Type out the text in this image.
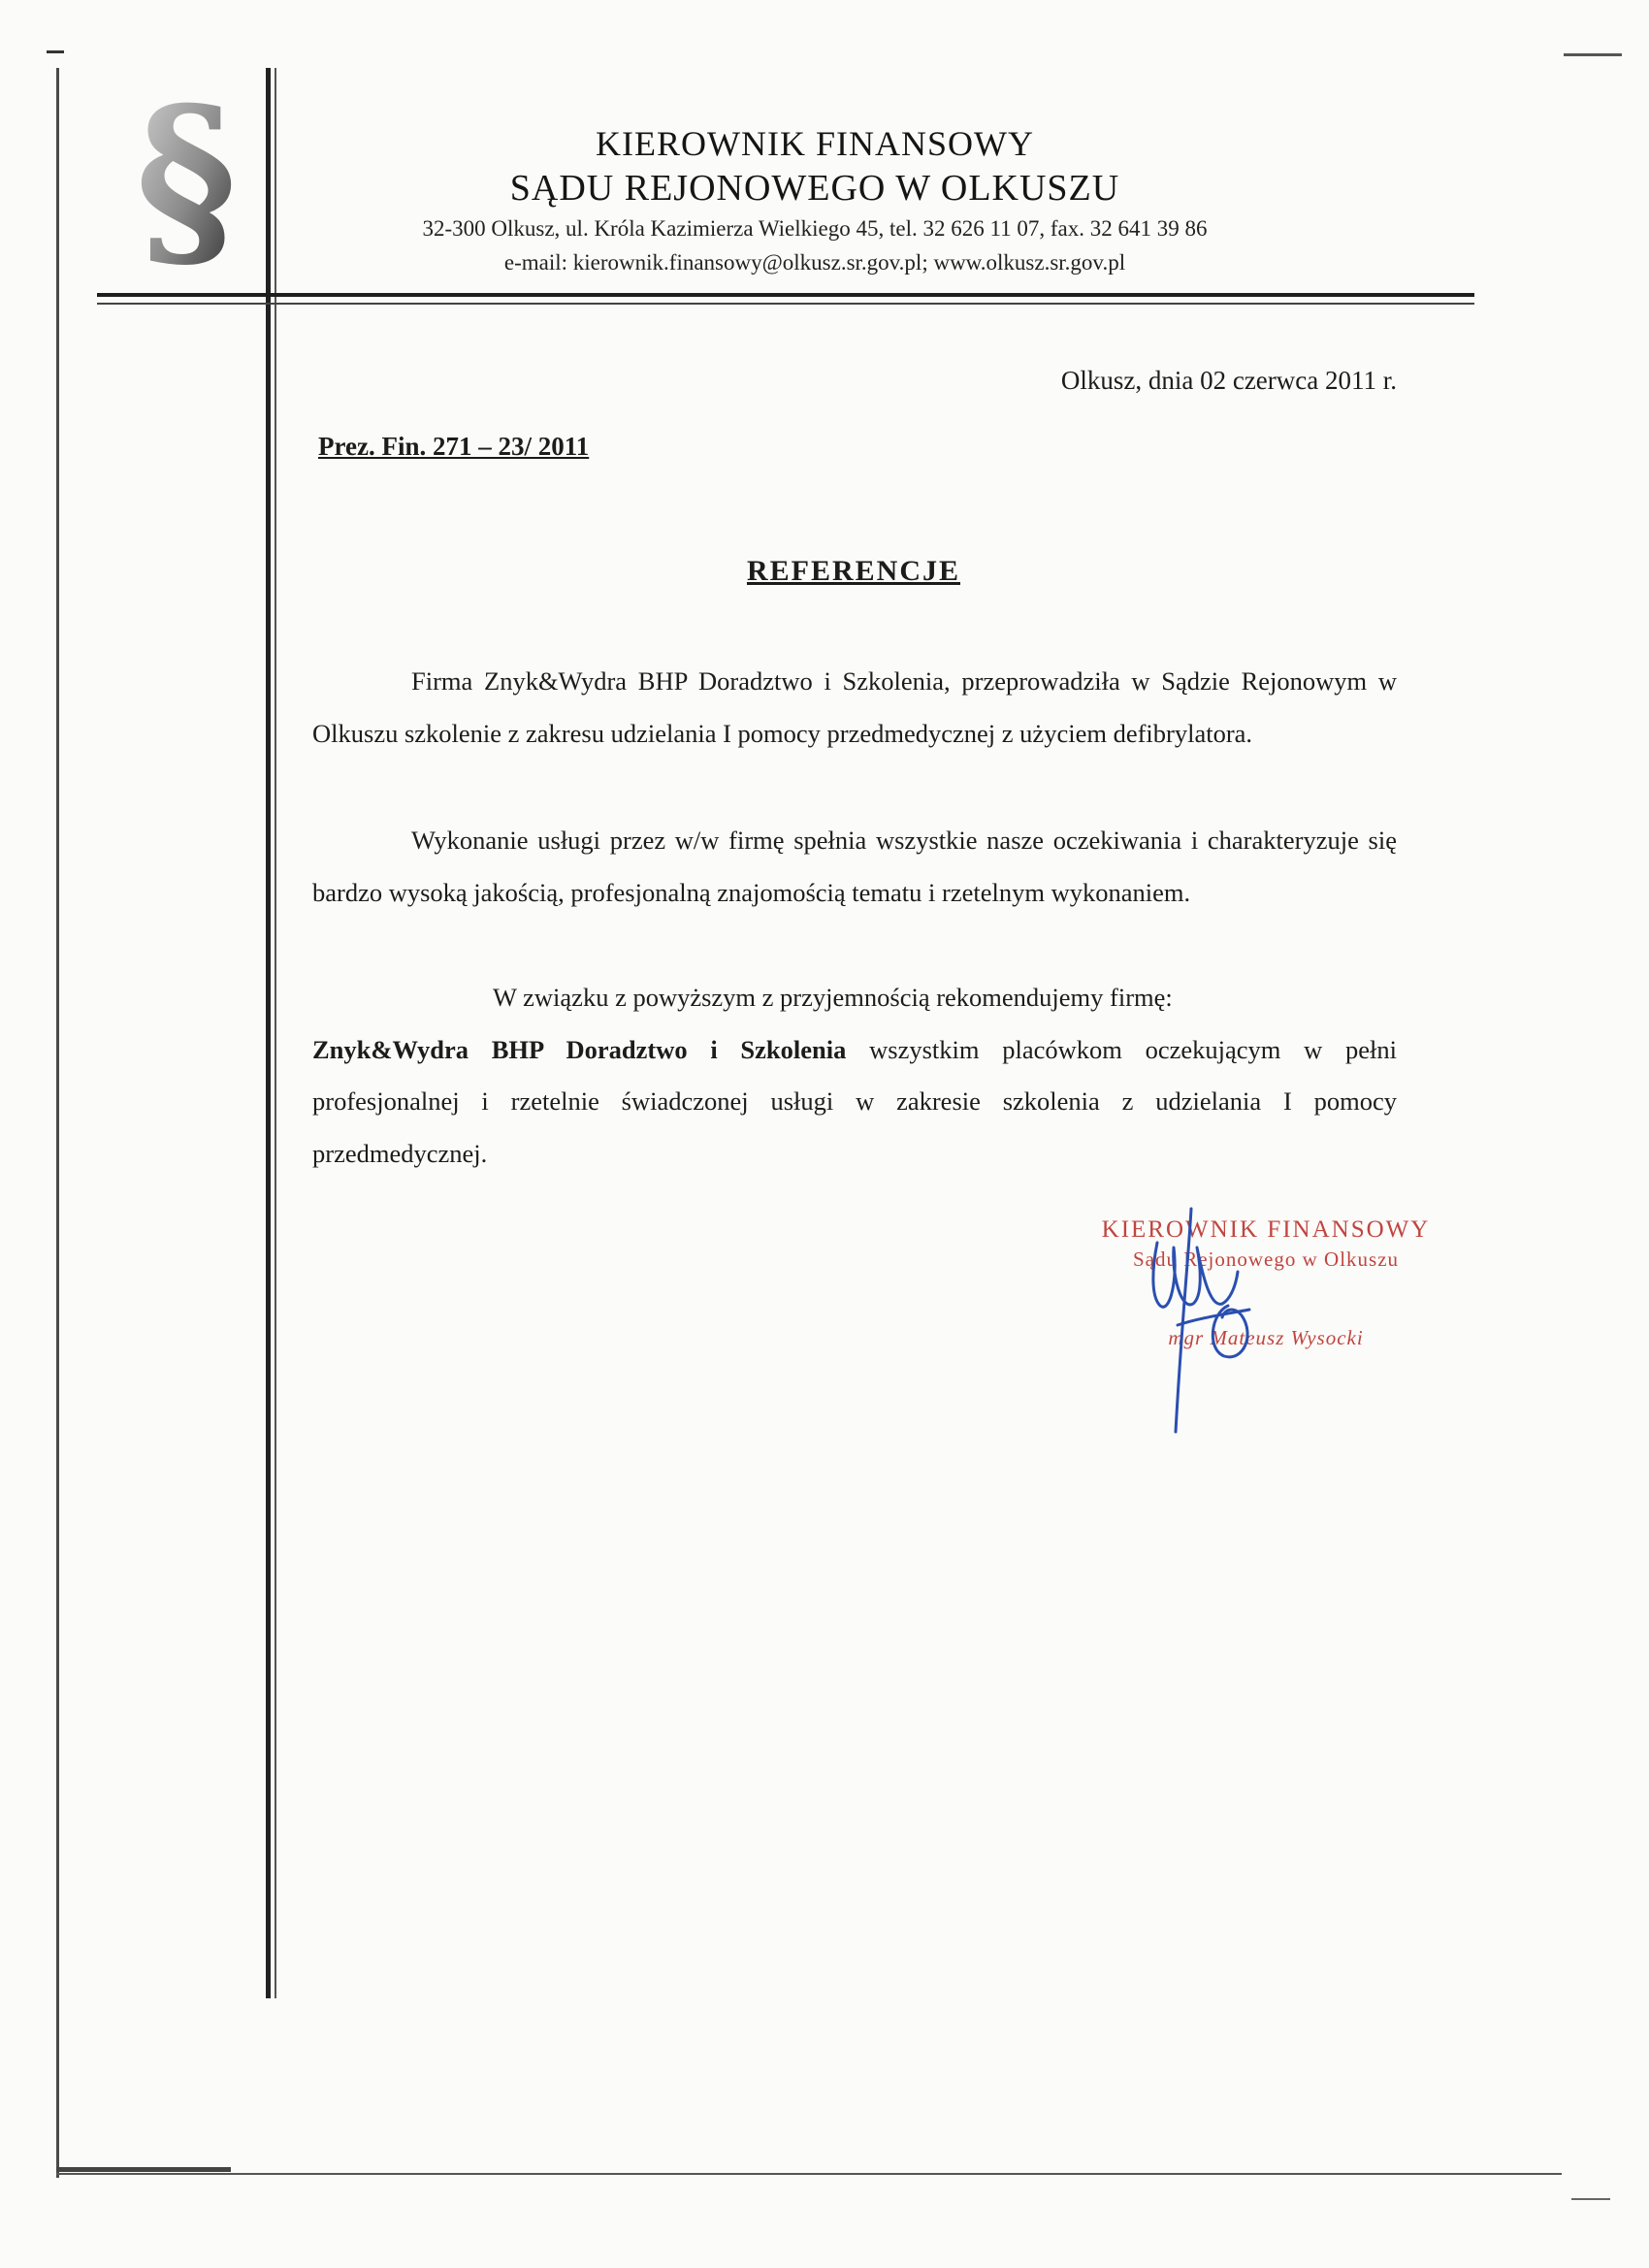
§	KIEROWNIK FINANSOWY
SĄDU REJONOWEGO W OLKUSZU
32-300 Olkusz, ul. Króla Kazimierza Wielkiego 45, tel. 32 626 11 07, fax. 32 641 39 86
e-mail: kierownik.finansowy@olkusz.sr.gov.pl; www.olkusz.sr.gov.pl
Olkusz, dnia 02 czerwca 2011 r.
Prez. Fin. 271 – 23/ 2011
REFERENCJE

Firma Znyk&Wydra BHP Doradztwo i Szkolenia, przeprowadziła w Sądzie Rejonowym w Olkuszu szkolenie z zakresu udzielania I pomocy przedmedycznej z użyciem defibrylatora.

Wykonanie usługi przez w/w firmę spełnia wszystkie nasze oczekiwania i charakteryzuje się bardzo wysoką jakością, profesjonalną znajomością tematu i rzetelnym wykonaniem.

W związku z powyższym z przyjemnością rekomendujemy firmę:

Znyk&Wydra BHP Doradztwo i Szkolenia wszystkim placówkom oczekującym w pełni profesjonalnej i rzetelnie świadczonej usługi w zakresie szkolenia z udzielania I pomocy przedmedycznej.
KIEROWNIK FINANSOWY
Sądu Rejonowego w Olkuszu
mgr Mateusz Wysocki
